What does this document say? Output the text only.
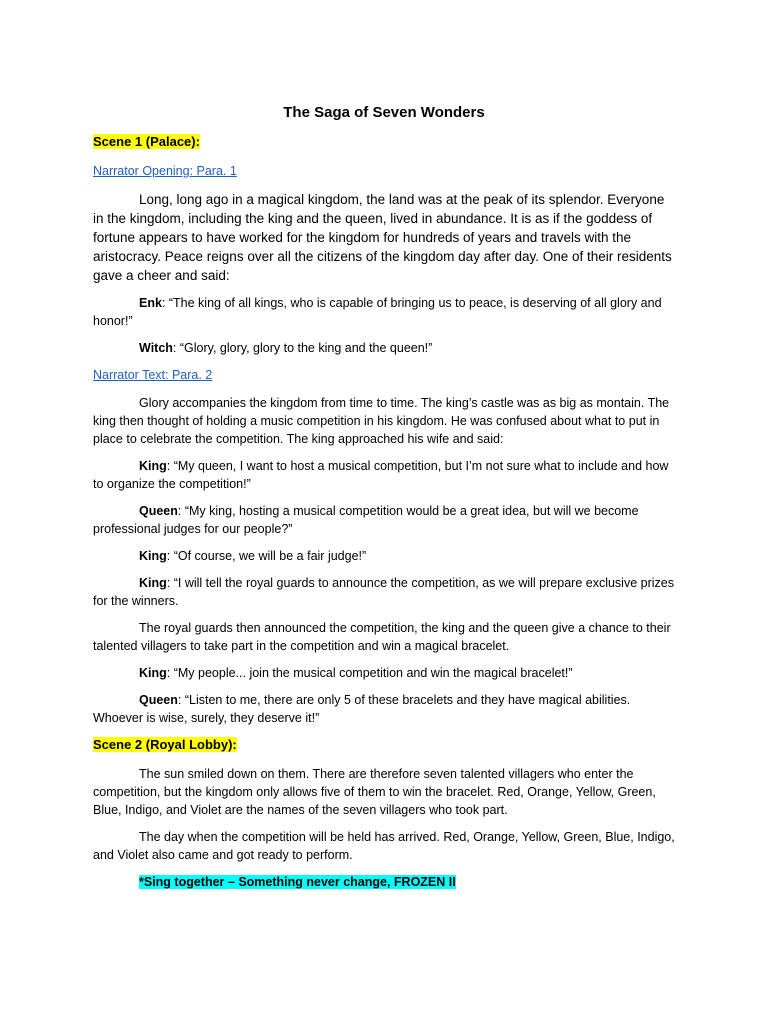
The Saga of Seven Wonders

Scene 1 (Palace):

Narrator Opening: Para. 1

Long, long ago in a magical kingdom, the land was at the peak of its splendor. Everyone in the kingdom, including the king and the queen, lived in abundance. It is as if the goddess of fortune appears to have worked for the kingdom for hundreds of years and travels with the aristocracy. Peace reigns over all the citizens of the kingdom day after day. One of their residents gave a cheer and said:

Enk: “The king of all kings, who is capable of bringing us to peace, is deserving of all glory and honor!”

Witch: “Glory, glory, glory to the king and the queen!”

Narrator Text: Para. 2

Glory accompanies the kingdom from time to time. The king’s castle was as big as montain. The king then thought of holding a music competition in his kingdom. He was confused about what to put in place to celebrate the competition. The king approached his wife and said:

King: “My queen, I want to host a musical competition, but I’m not sure what to include and how to organize the competition!”

Queen: “My king, hosting a musical competition would be a great idea, but will we become professional judges for our people?”

King: “Of course, we will be a fair judge!”

King: “I will tell the royal guards to announce the competition, as we will prepare exclusive prizes for the winners.

The royal guards then announced the competition, the king and the queen give a chance to their talented villagers to take part in the competition and win a magical bracelet.

King: “My people... join the musical competition and win the magical bracelet!”

Queen: “Listen to me, there are only 5 of these bracelets and they have magical abilities. Whoever is wise, surely, they deserve it!”

Scene 2 (Royal Lobby):

The sun smiled down on them. There are therefore seven talented villagers who enter the competition, but the kingdom only allows five of them to win the bracelet. Red, Orange, Yellow, Green, Blue, Indigo, and Violet are the names of the seven villagers who took part.

The day when the competition will be held has arrived. Red, Orange, Yellow, Green, Blue, Indigo, and Violet also came and got ready to perform.

*Sing together – Something never change, FROZEN II
